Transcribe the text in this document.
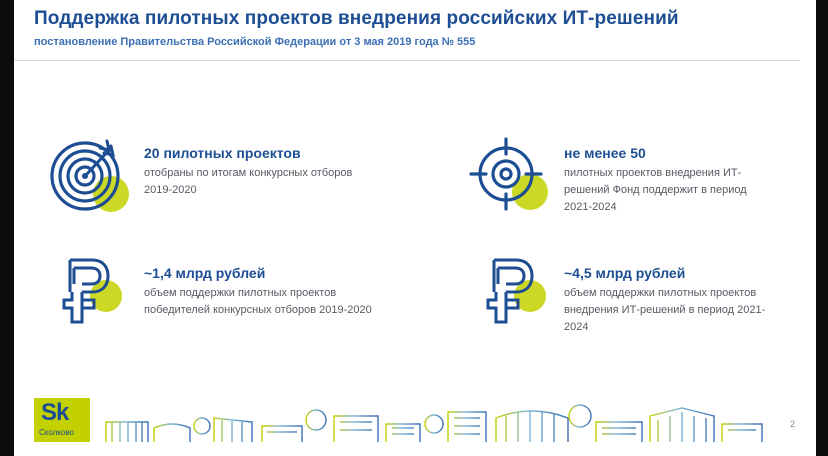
Поддержка пилотных проектов внедрения российских ИТ-решений
постановление Правительства Российской Федерации от 3 мая 2019 года № 555
20 пилотных проектов
отобраны по итогам конкурсных отборов 2019-2020
не менее 50
пилотных проектов внедрения ИТ-решений Фонд поддержит в период 2021-2024
~1,4 млрд рублей
объем поддержки пилотных проектов победителей конкурсных отборов 2019-2020
~4,5 млрд рублей
объем поддержки пилотных проектов внедрения ИТ-решений в период 2021-2024
Sk
Сколково
2
